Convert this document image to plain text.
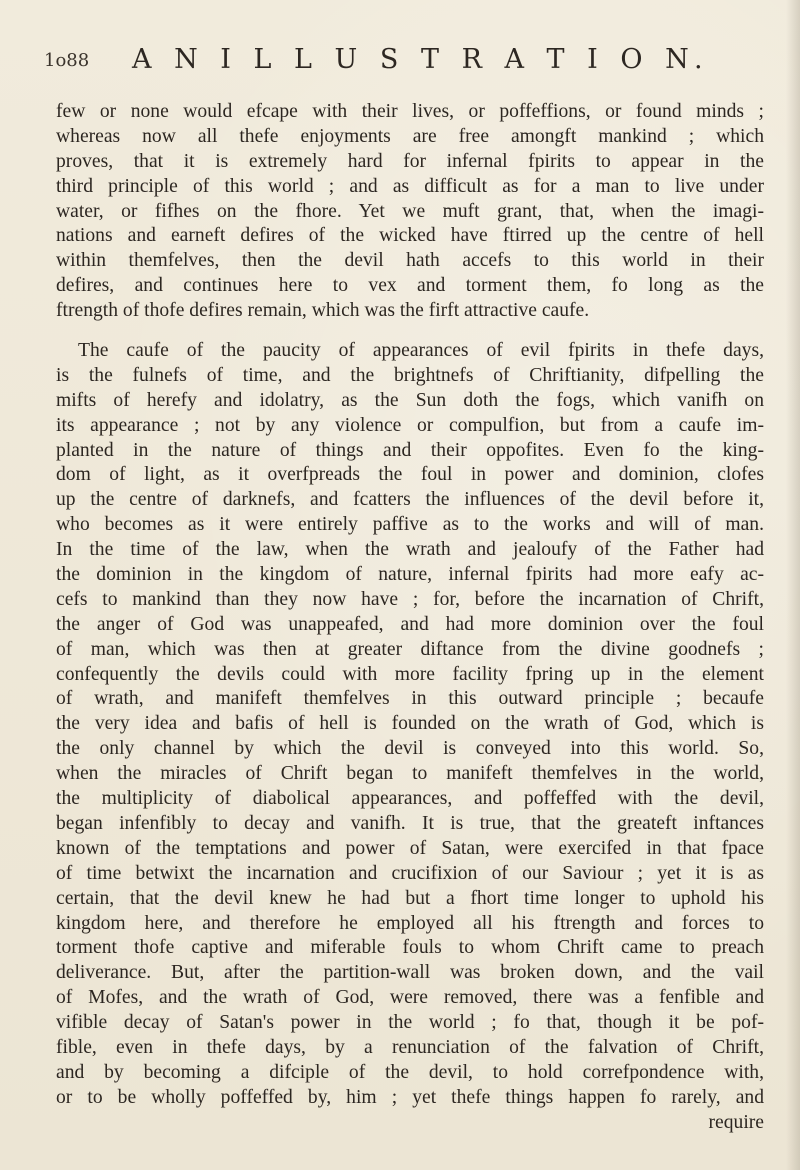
1o88 A N I L L U S T R A T I O N.

few or none would efcape with their lives, or poffeffions, or found minds ;
whereas now all thefe enjoyments are free amongft mankind ; which
proves, that it is extremely hard for infernal fpirits to appear in the
third principle of this world ; and as difficult as for a man to live under
water, or fifhes on the fhore. Yet we muft grant, that, when the imagi-
nations and earneft defires of the wicked have ftirred up the centre of hell
within themfelves, then the devil hath accefs to this world in their
defires, and continues here to vex and torment them, fo long as the
ftrength of thofe defires remain, which was the firft attractive caufe.

The caufe of the paucity of appearances of evil fpirits in thefe days,
is the fulnefs of time, and the brightnefs of Chriftianity, difpelling the
mifts of herefy and idolatry, as the Sun doth the fogs, which vanifh on
its appearance ; not by any violence or compulfion, but from a caufe im-
planted in the nature of things and their oppofites. Even fo the king-
dom of light, as it overfpreads the foul in power and dominion, clofes
up the centre of darknefs, and fcatters the influences of the devil before it,
who becomes as it were entirely paffive as to the works and will of man.
In the time of the law, when the wrath and jealoufy of the Father had
the dominion in the kingdom of nature, infernal fpirits had more eafy ac-
cefs to mankind than they now have ; for, before the incarnation of Chrift,
the anger of God was unappeafed, and had more dominion over the foul
of man, which was then at greater diftance from the divine goodnefs ;
confequently the devils could with more facility fpring up in the element
of wrath, and manifeft themfelves in this outward principle ; becaufe
the very idea and bafis of hell is founded on the wrath of God, which is
the only channel by which the devil is conveyed into this world. So,
when the miracles of Chrift began to manifeft themfelves in the world,
the multiplicity of diabolical appearances, and poffeffed with the devil,
began infenfibly to decay and vanifh. It is true, that the greateft inftances
known of the temptations and power of Satan, were exercifed in that fpace
of time betwixt the incarnation and crucifixion of our Saviour ; yet it is as
certain, that the devil knew he had but a fhort time longer to uphold his
kingdom here, and therefore he employed all his ftrength and forces to
torment thofe captive and miferable fouls to whom Chrift came to preach
deliverance. But, after the partition-wall was broken down, and the vail
of Mofes, and the wrath of God, were removed, there was a fenfible and
vifible decay of Satan's power in the world ; fo that, though it be pof-
fible, even in thefe days, by a renunciation of the falvation of Chrift,
and by becoming a difciple of the devil, to hold correfpondence with,
or to be wholly poffeffed by, him ; yet thefe things happen fo rarely, and
require
